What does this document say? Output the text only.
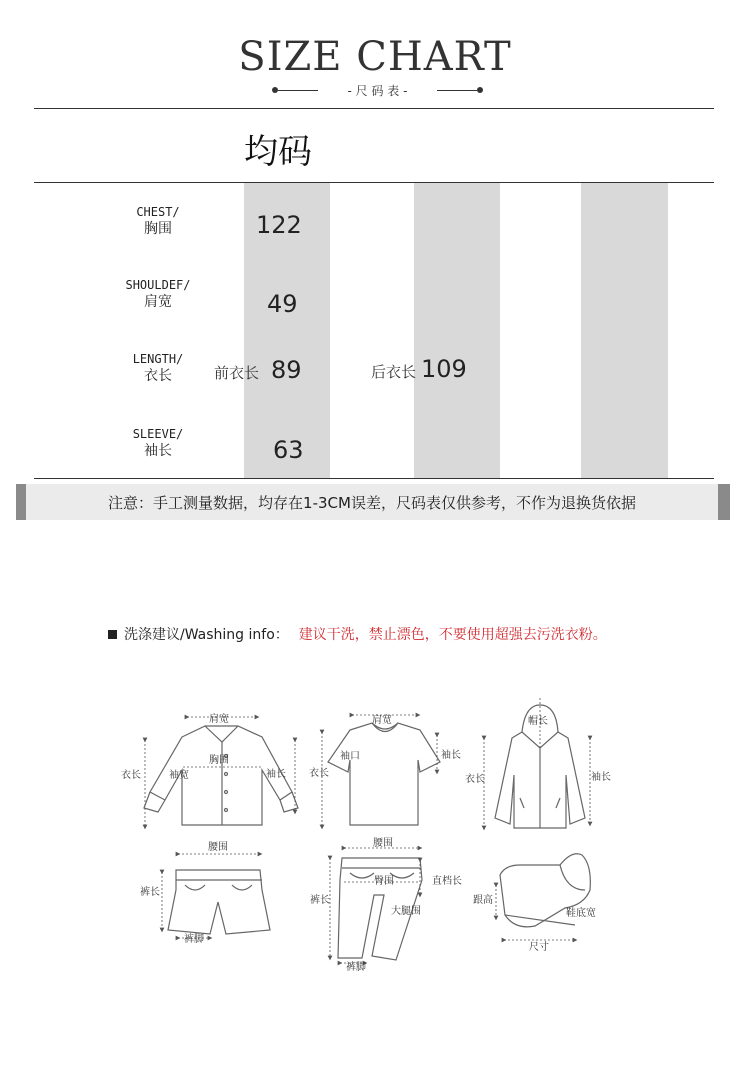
SIZE CHART
- 尺 码 表 -
均码
CHEST/
胸围	122
SHOULDEF/
肩宽	49
LENGTH/
衣长	前衣长 89	后衣长 109
SLEEVE/
袖长	63
注意：手工测量数据，均存在1-3CM误差，尺码表仅供参考，不作为退换货依据
洗涤建议/Washing info： 建议干洗，禁止漂色，不要使用超强去污洗衣粉。
肩宽
衣长	袖宽
胸围
袖长
肩宽
袖口
衣长
袖长
帽长
衣长	袖长
腰围
裤长
裤脚
腰围
臀围	直档长
大腿围
裤长
裤脚
跟高
鞋底宽
尺寸
